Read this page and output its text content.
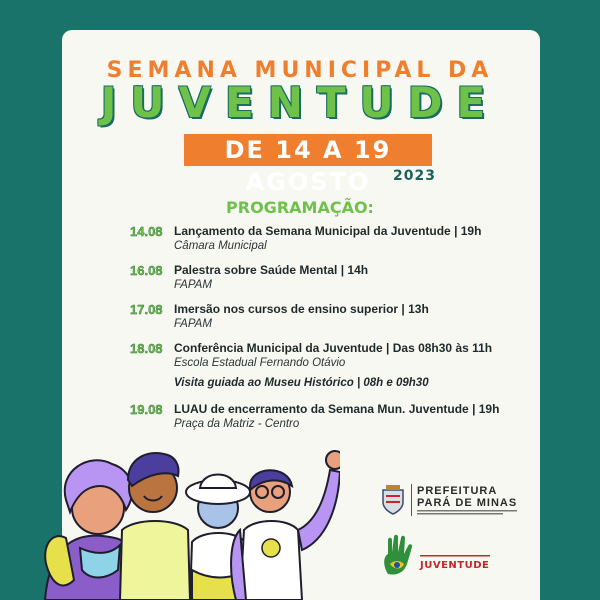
SEMANA MUNICIPAL DA
JUVENTUDE
DE 14 A 19 AGOSTO	2023
PROGRAMAÇÃO:
14.08 Lançamento da Semana Municipal da Juventude | 19h
Câmara Municipal
16.08 Palestra sobre Saúde Mental | 14h
FAPAM
17.08 Imersão nos cursos de ensino superior | 13h
FAPAM
18.08 Conferência Municipal da Juventude | Das 08h30 às 11h
Escola Estadual Fernando Otávio
Visita guiada ao Museu Histórico | 08h e 09h30
19.08 LUAU de encerramento da Semana Mun. Juventude | 19h
Praça da Matriz - Centro
PREFEITURA
PARÁ DE MINAS
JUVENTUDE
